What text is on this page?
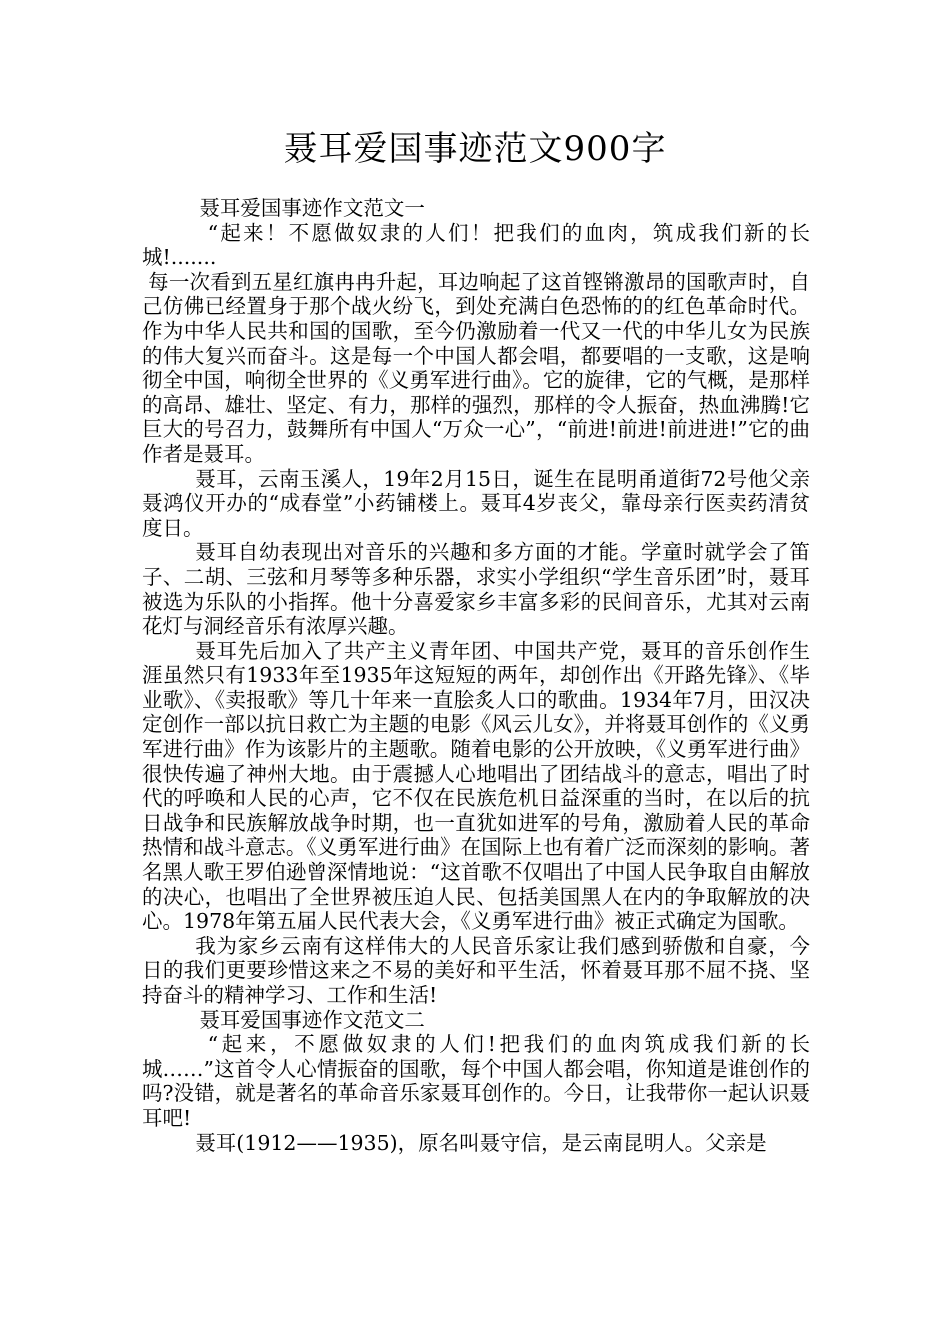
聂耳爱国事迹范文900字

聂耳爱国事迹作文范文一

“起来！不愿做奴隶的人们！把我们的血肉，筑成我们新的长城!.......

每一次看到五星红旗冉冉升起，耳边响起了这首铿锵激昂的国歌声时，自己仿佛已经置身于那个战火纷飞，到处充满白色恐怖的的红色革命时代。作为中华人民共和国的国歌，至今仍激励着一代又一代的中华儿女为民族的伟大复兴而奋斗。这是每一个中国人都会唱，都要唱的一支歌，这是响彻全中国，响彻全世界的《义勇军进行曲》。它的旋律，它的气概，是那样的高昂、雄壮、坚定、有力，那样的强烈，那样的令人振奋，热血沸腾!它巨大的号召力，鼓舞所有中国人“万众一心”，“前进!前进!前进进!”它的曲作者是聂耳。

聂耳，云南玉溪人，19年2月15日，诞生在昆明甬道街72号他父亲聂鸿仪开办的“成春堂”小药铺楼上。聂耳4岁丧父，靠母亲行医卖药清贫度日。

聂耳自幼表现出对音乐的兴趣和多方面的才能。学童时就学会了笛子、二胡、三弦和月琴等多种乐器，求实小学组织“学生音乐团”时，聂耳被选为乐队的小指挥。他十分喜爱家乡丰富多彩的民间音乐，尤其对云南花灯与洞经音乐有浓厚兴趣。

聂耳先后加入了共产主义青年团、中国共产党，聂耳的音乐创作生涯虽然只有1933年至1935年这短短的两年，却创作出《开路先锋》、《毕业歌》、《卖报歌》等几十年来一直脍炙人口的歌曲。1934年7月，田汉决定创作一部以抗日救亡为主题的电影《风云儿女》，并将聂耳创作的《义勇军进行曲》作为该影片的主题歌。随着电影的公开放映，《义勇军进行曲》很快传遍了神州大地。由于震撼人心地唱出了团结战斗的意志，唱出了时代的呼唤和人民的心声，它不仅在民族危机日益深重的当时，在以后的抗日战争和民族解放战争时期，也一直犹如进军的号角，激励着人民的革命热情和战斗意志。《义勇军进行曲》在国际上也有着广泛而深刻的影响。著名黑人歌王罗伯逊曾深情地说：“这首歌不仅唱出了中国人民争取自由解放的决心，也唱出了全世界被压迫人民、包括美国黑人在内的争取解放的决心。1978年第五届人民代表大会，《义勇军进行曲》被正式确定为国歌。

我为家乡云南有这样伟大的人民音乐家让我们感到骄傲和自豪，今日的我们更要珍惜这来之不易的美好和平生活，怀着聂耳那不屈不挠、坚持奋斗的精神学习、工作和生活!

聂耳爱国事迹作文范文二

“起来，不愿做奴隶的人们!把我们的血肉筑成我们新的长城……”这首令人心情振奋的国歌，每个中国人都会唱，你知道是谁创作的吗?没错，就是著名的革命音乐家聂耳创作的。今日，让我带你一起认识聂耳吧!

聂耳(1912——1935)，原名叫聂守信，是云南昆明人。父亲是
